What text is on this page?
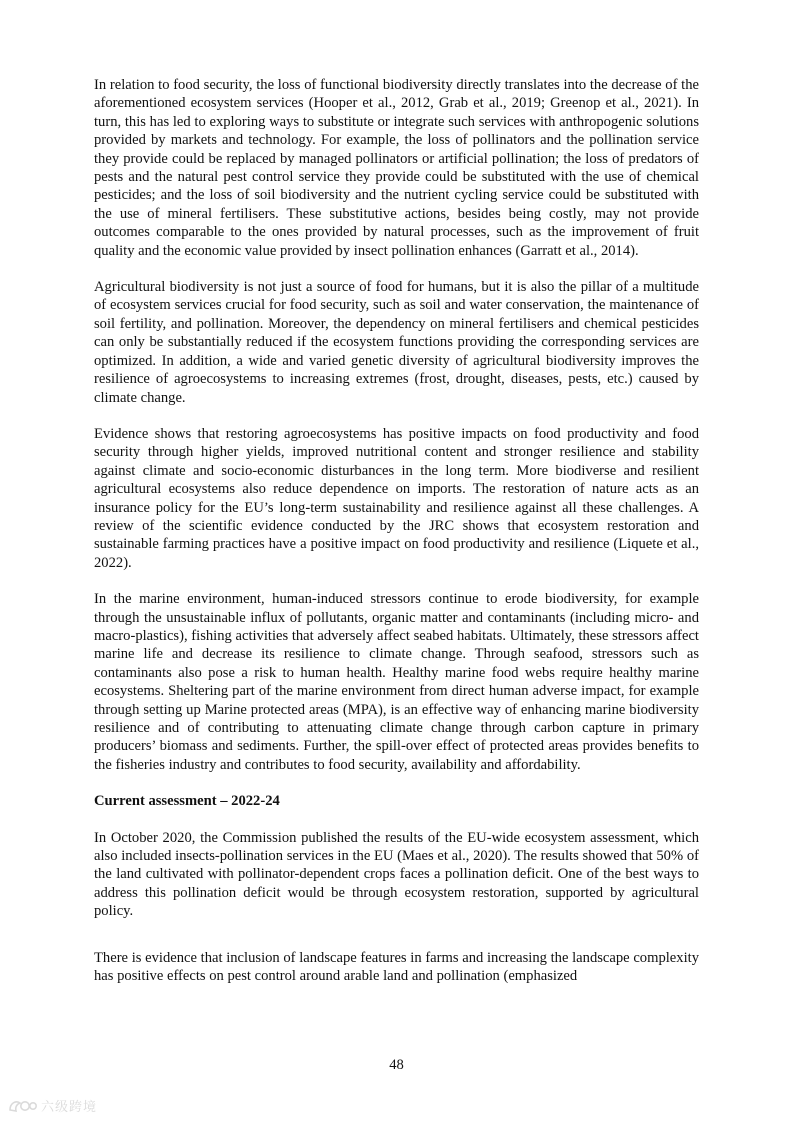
In relation to food security, the loss of functional biodiversity directly translates into the decrease of the aforementioned ecosystem services (Hooper et al., 2012, Grab et al., 2019; Greenop et al., 2021). In turn, this has led to exploring ways to substitute or integrate such services with anthropogenic solutions provided by markets and technology. For example, the loss of pollinators and the pollination service they provide could be replaced by managed pollinators or artificial pollination; the loss of predators of pests and the natural pest control service they provide could be substituted with the use of chemical pesticides; and the loss of soil biodiversity and the nutrient cycling service could be substituted with the use of mineral fertilisers. These substitutive actions, besides being costly, may not provide outcomes comparable to the ones provided by natural processes, such as the improvement of fruit quality and the economic value provided by insect pollination enhances (Garratt et al., 2014).

Agricultural biodiversity is not just a source of food for humans, but it is also the pillar of a multitude of ecosystem services crucial for food security, such as soil and water conservation, the maintenance of soil fertility, and pollination. Moreover, the dependency on mineral fertilisers and chemical pesticides can only be substantially reduced if the ecosystem functions providing the corresponding services are optimized. In addition, a wide and varied genetic diversity of agricultural biodiversity improves the resilience of agroecosystems to increasing extremes (frost, drought, diseases, pests, etc.) caused by climate change.

Evidence shows that restoring agroecosystems has positive impacts on food productivity and food security through higher yields, improved nutritional content and stronger resilience and stability against climate and socio-economic disturbances in the long term. More biodiverse and resilient agricultural ecosystems also reduce dependence on imports. The restoration of nature acts as an insurance policy for the EU’s long-term sustainability and resilience against all these challenges. A review of the scientific evidence conducted by the JRC shows that ecosystem restoration and sustainable farming practices have a positive impact on food productivity and resilience (Liquete et al., 2022).

In the marine environment, human-induced stressors continue to erode biodiversity, for example through the unsustainable influx of pollutants, organic matter and contaminants (including micro- and macro-plastics), fishing activities that adversely affect seabed habitats. Ultimately, these stressors affect marine life and decrease its resilience to climate change. Through seafood, stressors such as contaminants also pose a risk to human health. Healthy marine food webs require healthy marine ecosystems. Sheltering part of the marine environment from direct human adverse impact, for example through setting up Marine protected areas (MPA), is an effective way of enhancing marine biodiversity resilience and of contributing to attenuating climate change through carbon capture in primary producers’ biomass and sediments. Further, the spill-over effect of protected areas provides benefits to the fisheries industry and contributes to food security, availability and affordability.

Current assessment – 2022-24

In October 2020, the Commission published the results of the EU-wide ecosystem assessment, which also included insects-pollination services in the EU (Maes et al., 2020). The results showed that 50% of the land cultivated with pollinator-dependent crops faces a pollination deficit. One of the best ways to address this pollination deficit would be through ecosystem restoration, supported by agricultural policy.

There is evidence that inclusion of landscape features in farms and increasing the landscape complexity has positive effects on pest control around arable land and pollination (emphasized

48
六级跨境
